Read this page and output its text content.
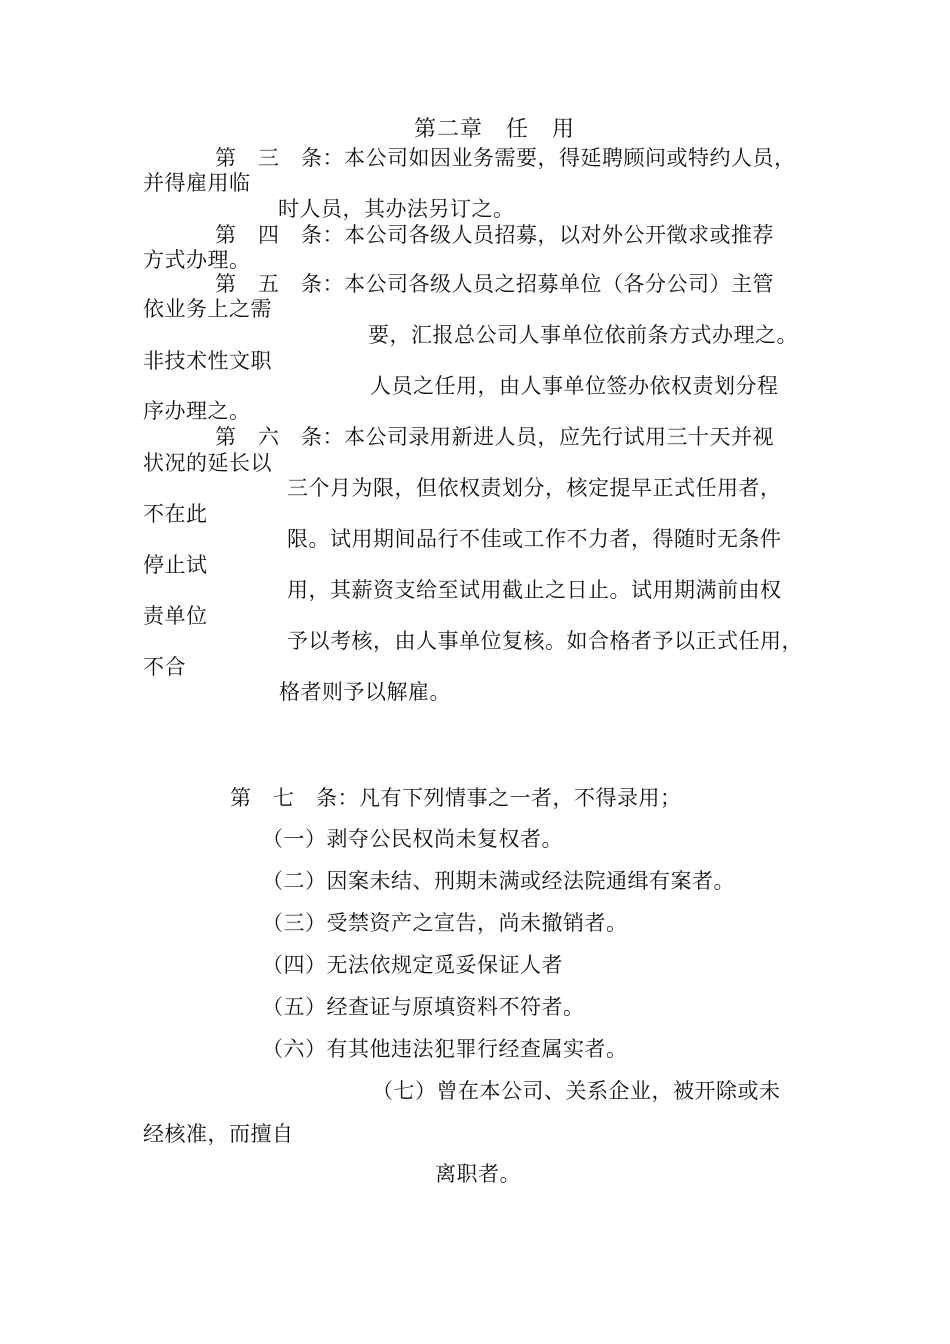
第二章　任　用
第　三　条：本公司如因业务需要，得延聘顾问或特约人员，
并得雇用临
时人员，其办法另订之。
第　四　条：本公司各级人员招募，以对外公开徵求或推荐
方式办理。
第　五　条：本公司各级人员之招募单位（各分公司）主管
依业务上之需
要，汇报总公司人事单位依前条方式办理之。
非技术性文职
人员之任用，由人事单位签办依权责划分程
序办理之。
第　六　条：本公司录用新进人员，应先行试用三十天并视
状况的延长以
三个月为限，但依权责划分，核定提早正式任用者，
不在此
限。试用期间品行不佳或工作不力者，得随时无条件
停止试
用，其薪资支给至试用截止之日止。试用期满前由权
责单位
予以考核，由人事单位复核。如合格者予以正式任用，
不合
格者则予以解雇。
第　七　条：凡有下列情事之一者，不得录用；
（一）剥夺公民权尚未复权者。
（二）因案未结、刑期未满或经法院通缉有案者。
（三）受禁资产之宣告，尚未撤销者。
（四）无法依规定觅妥保证人者
（五）经查证与原填资料不符者。
（六）有其他违法犯罪行经查属实者。
（七）曾在本公司、关系企业，被开除或未
经核准，而擅自
离职者。
